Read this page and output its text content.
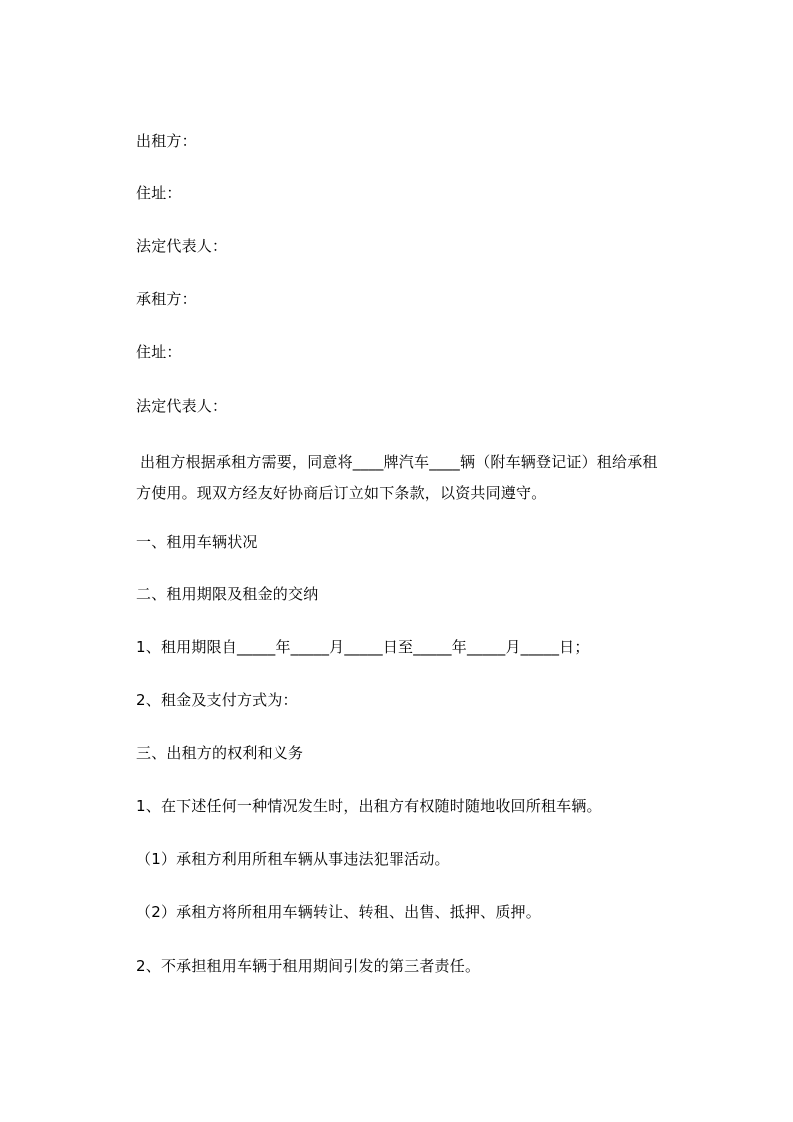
出租方：

住址：

法定代表人：

承租方：

住址：

法定代表人：

出租方根据承租方需要，同意将____牌汽车____辆（附车辆登记证）租给承租方使用。现双方经友好协商后订立如下条款，以资共同遵守。

一、租用车辆状况

二、租用期限及租金的交纳

1、租用期限自_____年_____月_____日至_____年_____月_____日；

2、租金及支付方式为：

三、出租方的权利和义务

1、在下述任何一种情况发生时，出租方有权随时随地收回所租车辆。

（1）承租方利用所租车辆从事违法犯罪活动。

（2）承租方将所租用车辆转让、转租、出售、抵押、质押。

2、不承担租用车辆于租用期间引发的第三者责任。
